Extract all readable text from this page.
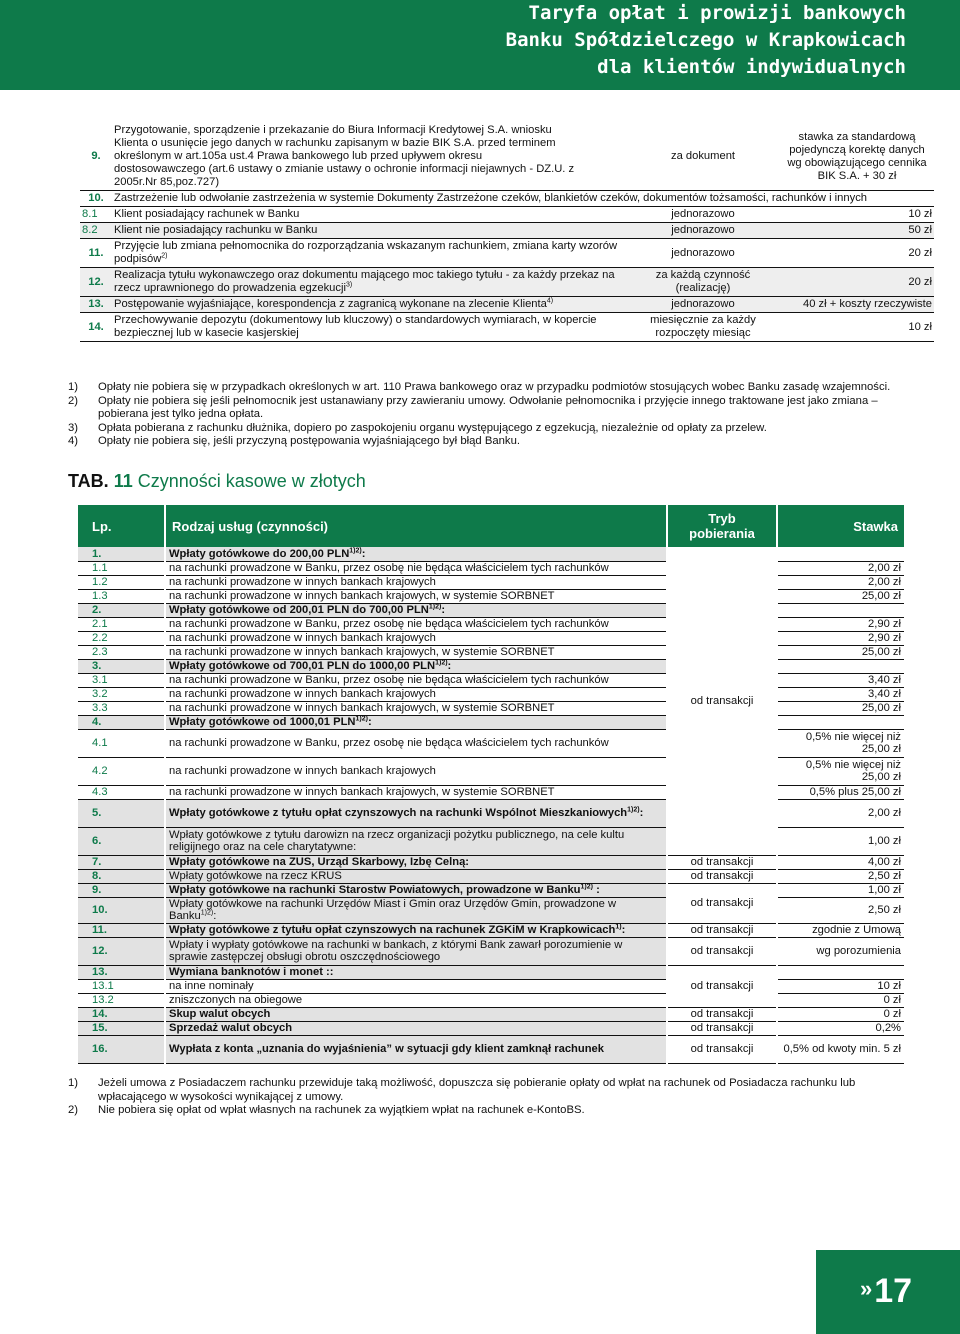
Taryfa opłat i prowizji bankowych
Banku Spółdzielczego w Krapkowicach
dla klientów indywidualnych
9.	Przygotowanie, sporządzenie i przekazanie do Biura Informacji Kredytowej S.A. wniosku Klienta o usunięcie jego danych w rachunku zapisanym w bazie BIK S.A. przed terminem określonym w art.105a ust.4 Prawa bankowego lub przed upływem okresu dostosowawczego (art.6 ustawy o zmianie ustawy o ochronie informacji niejawnych - DZ.U. z 2005r.Nr 85,poz.727)	za dokument	stawka za standardową pojedynczą korektę danych wg obowiązującego cennika BIK S.A. + 30 zł
10.	Zastrzeżenie lub odwołanie zastrzeżenia w systemie Dokumenty Zastrzeżone czeków, blankietów czeków, dokumentów tożsamości, rachunków i innych		
8.1	Klient posiadający rachunek w Banku	jednorazowo	10 zł
8.2	Klient nie posiadający rachunku w Banku	jednorazowo	50 zł
11.	Przyjęcie lub zmiana pełnomocnika do rozporządzania wskazanym rachunkiem, zmiana karty wzorów podpisów$^{2)}$	jednorazowo	20 zł
12.	Realizacja tytułu wykonawczego oraz dokumentu mającego moc takiego tytułu - za każdy przekaz na rzecz uprawnionego do prowadzenia egzekucji$^{3)}$	za każdą czynność (realizację)	20 zł
13.	Postępowanie wyjaśniające, korespondencja z zagranicą wykonane na zlecenie Klienta$^{4)}$	jednorazowo	40 zł + koszty rzeczywiste
14.	Przechowywanie depozytu (dokumentowy lub kluczowy) o standardowych wymiarach, w kopercie bezpiecznej lub w kasecie kasjerskiej	miesięcznie za każdy rozpoczęty miesiąc	10 zł
1)	Opłaty nie pobiera się w przypadkach określonych w art. 110 Prawa bankowego oraz w przypadku podmiotów stosujących wobec Banku zasadę wzajemności.
2)	Opłaty nie pobiera się jeśli pełnomocnik jest ustanawiany przy zawieraniu umowy. Odwołanie pełnomocnika i przyjęcie innego traktowane jest jako zmiana – pobierana jest tylko jedna opłata.
3)	Opłata pobierana z rachunku dłużnika, dopiero po zaspokojeniu organu występującego z egzekucją, niezależnie od opłaty za przelew.
4)	Opłaty nie pobiera się, jeśli przyczyną postępowania wyjaśniającego był błąd Banku.
TAB. 11 Czynności kasowe w złotych
Lp.	Rodzaj usług (czynności)	Tryb pobierania	Stawka
1.	Wpłaty gotówkowe do 200,00 $PLN^{1)2)}$:	od transakcji	
1.1	na rachunki prowadzone w Banku, przez osobę nie będąca właścicielem tych rachunków		2,00 zł
1.2	na rachunki prowadzone w innych bankach krajowych		2,00 zł
1.3	na rachunki prowadzone w innych bankach krajowych, w systemie SORBNET		25,00 zł
2.	Wpłaty gotówkowe od 200,01 PLN do 700,00 $PLN^{1)2)}$:		
2.1	na rachunki prowadzone w Banku, przez osobę nie będąca właścicielem tych rachunków		2,90 zł
2.2	na rachunki prowadzone w innych bankach krajowych		2,90 zł
2.3	na rachunki prowadzone w innych bankach krajowych, w systemie SORBNET		25,00 zł
3.	Wpłaty gotówkowe od 700,01 PLN do 1000,00 $PLN^{1)2)}$:		
3.1	na rachunki prowadzone w Banku, przez osobę nie będąca właścicielem tych rachunków		3,40 zł
3.2	na rachunki prowadzone w innych bankach krajowych		3,40 zł
3.3	na rachunki prowadzone w innych bankach krajowych, w systemie SORBNET		25,00 zł
4.	Wpłaty gotówkowe od 1000,01 $PLN^{1)2)}$:		
4.1	na rachunki prowadzone w Banku, przez osobę nie będąca właścicielem tych rachunków		0,5% nie więcej niż 25,00 zł
4.2	na rachunki prowadzone w innych bankach krajowych		0,5% nie więcej niż 25,00 zł
4.3	na rachunki prowadzone w innych bankach krajowych, w systemie SORBNET		0,5% plus 25,00 zł
5.	Wpłaty gotówkowe z tytułu opłat czynszowych na rachunki Wspólnot Mieszkaniowych$^{1)2)}$:		2,00 zł
6.	Wpłaty gotówkowe z tytułu darowizn na rzecz organizacji pożytku publicznego, na cele kultu religijnego oraz na cele charytatywne:		1,00 zł
7.	Wpłaty gotówkowe na ZUS, Urząd Skarbowy, Izbę Celną:	od transakcji	4,00 zł
8.	Wpłaty gotówkowe na rzecz KRUS	od transakcji	2,50 zł
9.	Wpłaty gotówkowe na rachunki Starostw Powiatowych, prowadzone w Banku$^{1)2)}$ :	od transakcji	1,00 zł
10.	Wpłaty gotówkowe na rachunki Urzędów Miast i Gmin oraz Urzędów Gmin, prowadzone w Banku$^{1)2)}$:		2,50 zł
11.	Wpłaty gotówkowe z tytułu opłat czynszowych na rachunek ZGKiM w Krapkowicach$^{1)}$:	od transakcji	zgodnie z Umową
12.	Wpłaty i wypłaty gotówkowe na rachunki w bankach, z którymi Bank zawarł porozumienie w sprawie zastępczej obsługi obrotu oszczędnościowego	od transakcji	wg porozumienia
13.	Wymiana banknotów i monet ::	od transakcji	
13.1	na inne nominały		10 zł
13.2	zniszczonych na obiegowe		0 zł
14.	Skup walut obcych	od transakcji	0 zł
15.	Sprzedaż walut obcych	od transakcji	0,2%
16.	Wypłata z konta „uznania do wyjaśnienia” w sytuacji gdy klient zamknął rachunek	od transakcji	0,5% od kwoty min. 5 zł
1)	Jeżeli umowa z Posiadaczem rachunku przewiduje taką możliwość, dopuszcza się pobieranie opłaty od wpłat na rachunek od Posiadacza rachunku lub wpłacającego w wysokości wynikającej z umowy.
2)	Nie pobiera się opłat od wpłat własnych na rachunek za wyjątkiem wpłat na rachunek e-KontoBS.
»17
